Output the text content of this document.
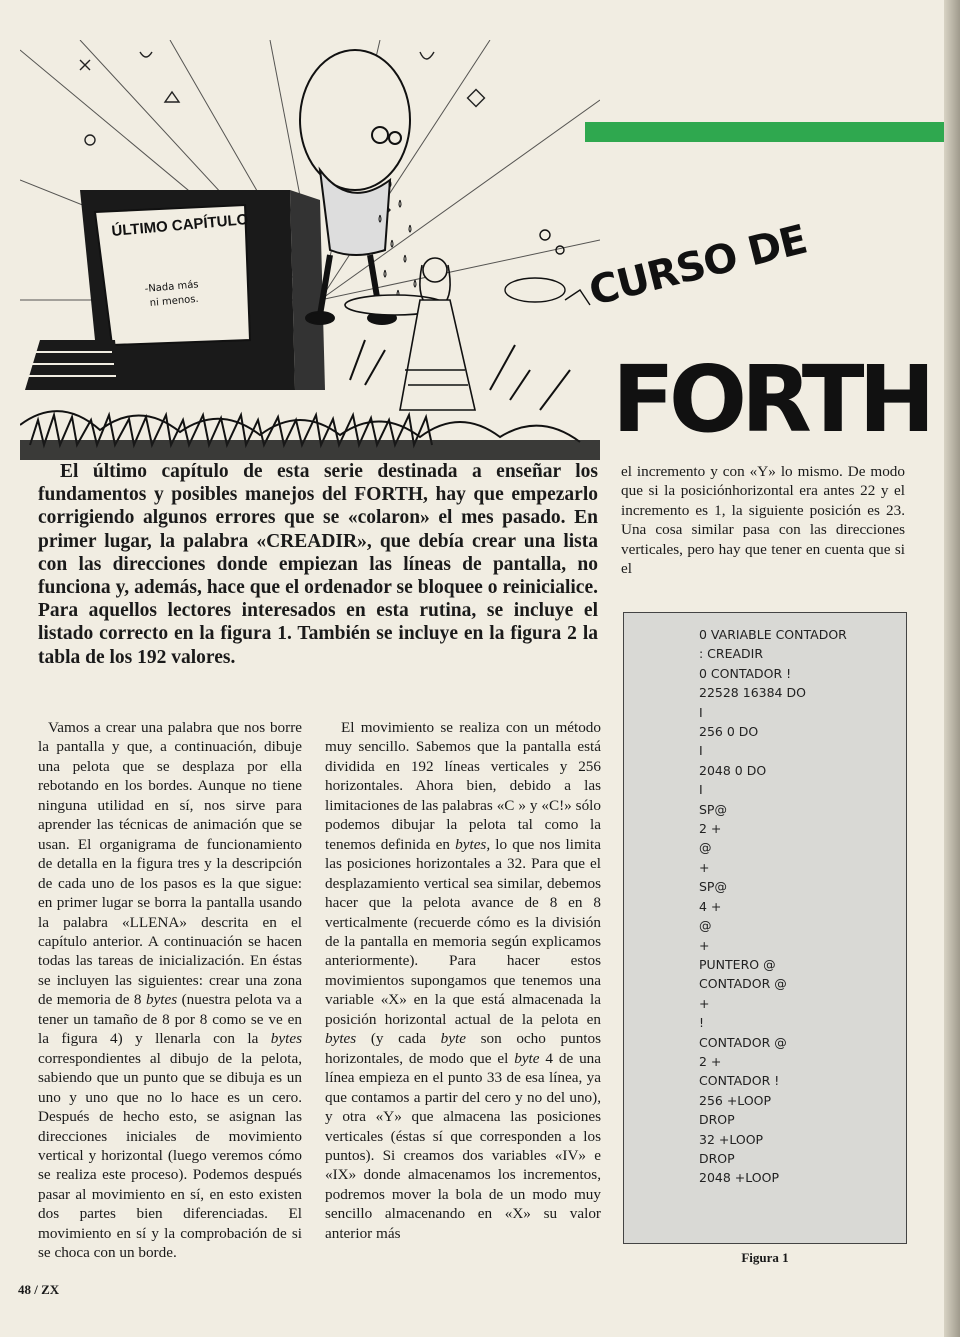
ÚLTIMO CAPÍTULO
-Nada más
ni menos.	CURSO DE
FORTH

El último capítulo de esta serie destinada a enseñar los fundamentos y posibles manejos del FORTH, hay que empezarlo corrigiendo algunos errores que se «colaron» el mes pasado. En primer lugar, la palabra «CREADIR», que debía crear una lista con las direcciones donde empiezan las líneas de pantalla, no funciona y, además, hace que el ordenador se bloquee o reinicialice. Para aquellos lectores interesados en esta rutina, se incluye el listado correcto en la figura 1. También se incluye en la figura 2 la tabla de los 192 valores.

Vamos a crear una palabra que nos borre la pantalla y que, a continuación, dibuje una pelota que se desplaza por ella rebotando en los bordes. Aunque no tiene ninguna utilidad en sí, nos sirve para aprender las técnicas de animación que se usan. El organigrama de funcionamiento de detalla en la figura tres y la descripción de cada uno de los pasos es la que sigue: en primer lugar se borra la pantalla usando la palabra «LLENA» descrita en el capítulo anterior. A continuación se hacen todas las tareas de inicialización. En éstas se incluyen las siguientes: crear una zona de memoria de 8 bytes (nuestra pelota va a tener un tamaño de 8 por 8 como se ve en la figura 4) y llenarla con la bytes correspondientes al dibujo de la pelota, sabiendo que un punto que se dibuja es un uno y uno que no lo hace es un cero. Después de hecho esto, se asignan las direcciones iniciales de movimiento vertical y horizontal (luego veremos cómo se realiza este proceso). Podemos después pasar al movimiento en sí, en esto existen dos partes bien diferenciadas. El movimiento en sí y la comprobación de si se choca con un borde.

El movimiento se realiza con un método muy sencillo. Sabemos que la pantalla está dividida en 192 líneas verticales y 256 horizontales. Ahora bien, debido a las limitaciones de las palabras «C » y «C!» sólo podemos dibujar la pelota tal como la tenemos definida en bytes, lo que nos limita las posiciones horizontales a 32. Para que el desplazamiento vertical sea similar, debemos hacer que la pelota avance de 8 en 8 verticalmente (recuerde cómo es la división de la pantalla en memoria según explicamos anteriormente). Para hacer estos movimientos supongamos que tenemos una variable «X» en la que está almacenada la posición horizontal actual de la pelota en bytes (y cada byte son ocho puntos horizontales, de modo que el byte 4 de una línea empieza en el punto 33 de esa línea, ya que contamos a partir del cero y no del uno), y otra «Y» que almacena las posiciones verticales (éstas sí que corresponden a los puntos). Si creamos dos variables «IV» e «IX» donde almacenamos los incrementos, podremos mover la bola de un modo muy sencillo almacenando en «X» su valor anterior más

el incremento y con «Y» lo mismo. De modo que si la posiciónhorizontal era antes 22 y el incremento es 1, la siguiente posición es 23. Una cosa similar pasa con las direcciones verticales, pero hay que tener en cuenta que si el

0 VARIABLE CONTADOR
: CREADIR
0 CONTADOR !
22528 16384 DO
I
256 0 DO
I
2048 0 DO
I
SP@
2 +
@
+
SP@
4 +
@
+
PUNTERO @
CONTADOR @
+
!
CONTADOR @
2 +
CONTADOR !
256 +LOOP
DROP
32 +LOOP
DROP
2048 +LOOP
Figura 1
48 / ZX
